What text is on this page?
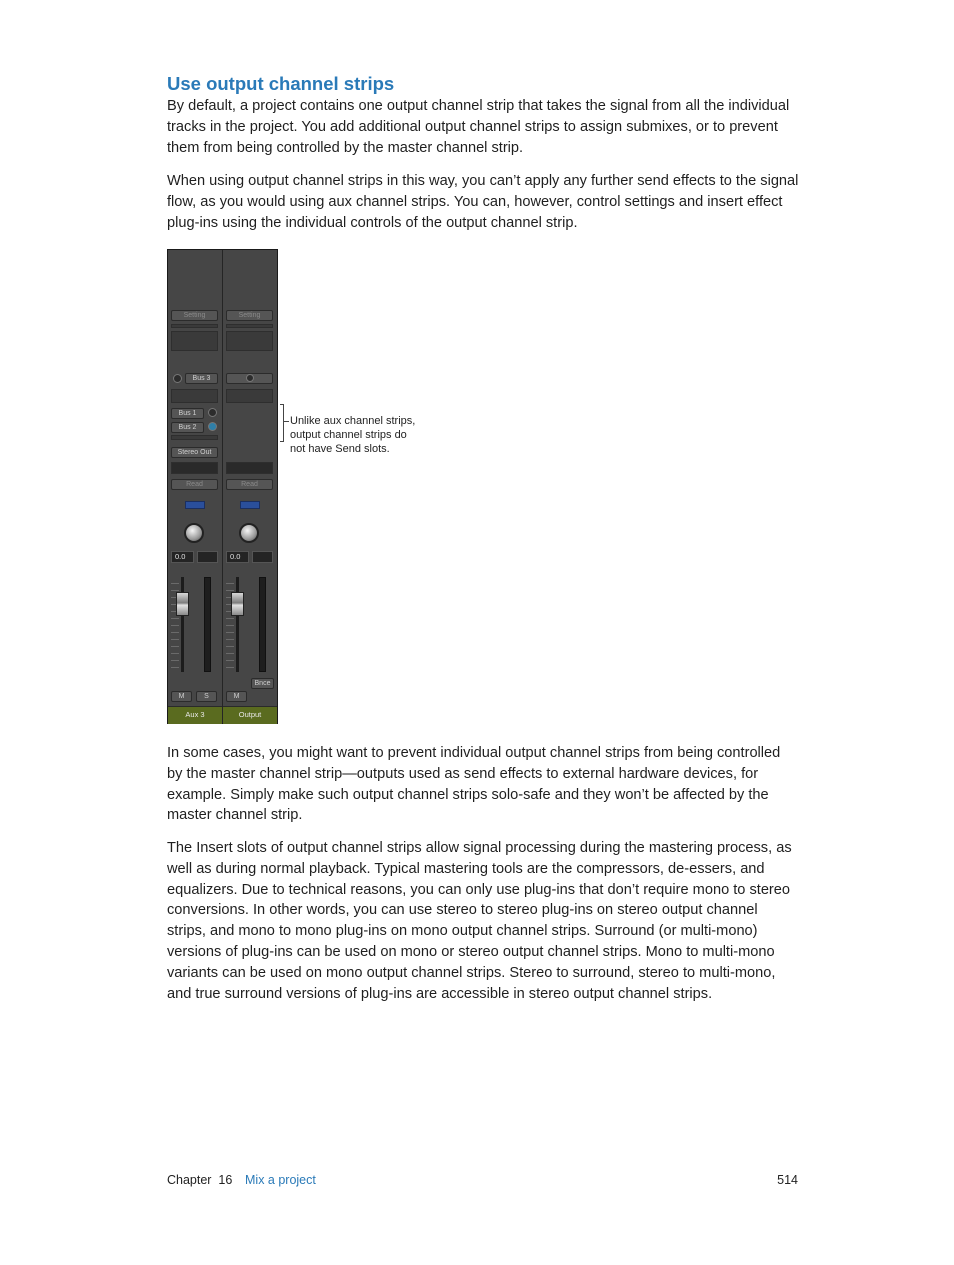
Use output channel strips

By default, a project contains one output channel strip that takes the signal from all the individual tracks in the project. You add additional output channel strips to assign submixes, or to prevent them from being controlled by the master channel strip.

When using output channel strips in this way, you can’t apply any further send effects to the signal flow, as you would using aux channel strips. You can, however, control settings and insert effect plug-ins using the individual controls of the output channel strip.

Setting
Bus 3
Bus 1
Bus 2
Stereo Out
Read
0.0
M	S
Aux 3
Setting
Read
0.0
Bnce
M
Output
Unlike aux channel strips, output channel strips do not have Send slots.

In some cases, you might want to prevent individual output channel strips from being controlled by the master channel strip—outputs used as send effects to external hardware devices, for example. Simply make such output channel strips solo-safe and they won’t be affected by the master channel strip.

The Insert slots of output channel strips allow signal processing during the mastering process, as well as during normal playback. Typical mastering tools are the compressors, de-essers, and equalizers. Due to technical reasons, you can only use plug-ins that don’t require mono to stereo conversions. In other words, you can use stereo to stereo plug-ins on stereo output channel strips, and mono to mono plug-ins on mono output channel strips. Surround (or multi-mono) versions of plug-ins can be used on mono or stereo output channel strips. Mono to multi-mono variants can be used on mono output channel strips. Stereo to surround, stereo to multi-mono, and true surround versions of plug-ins are accessible in stereo output channel strips.

Chapter  16 Mix a project	514
